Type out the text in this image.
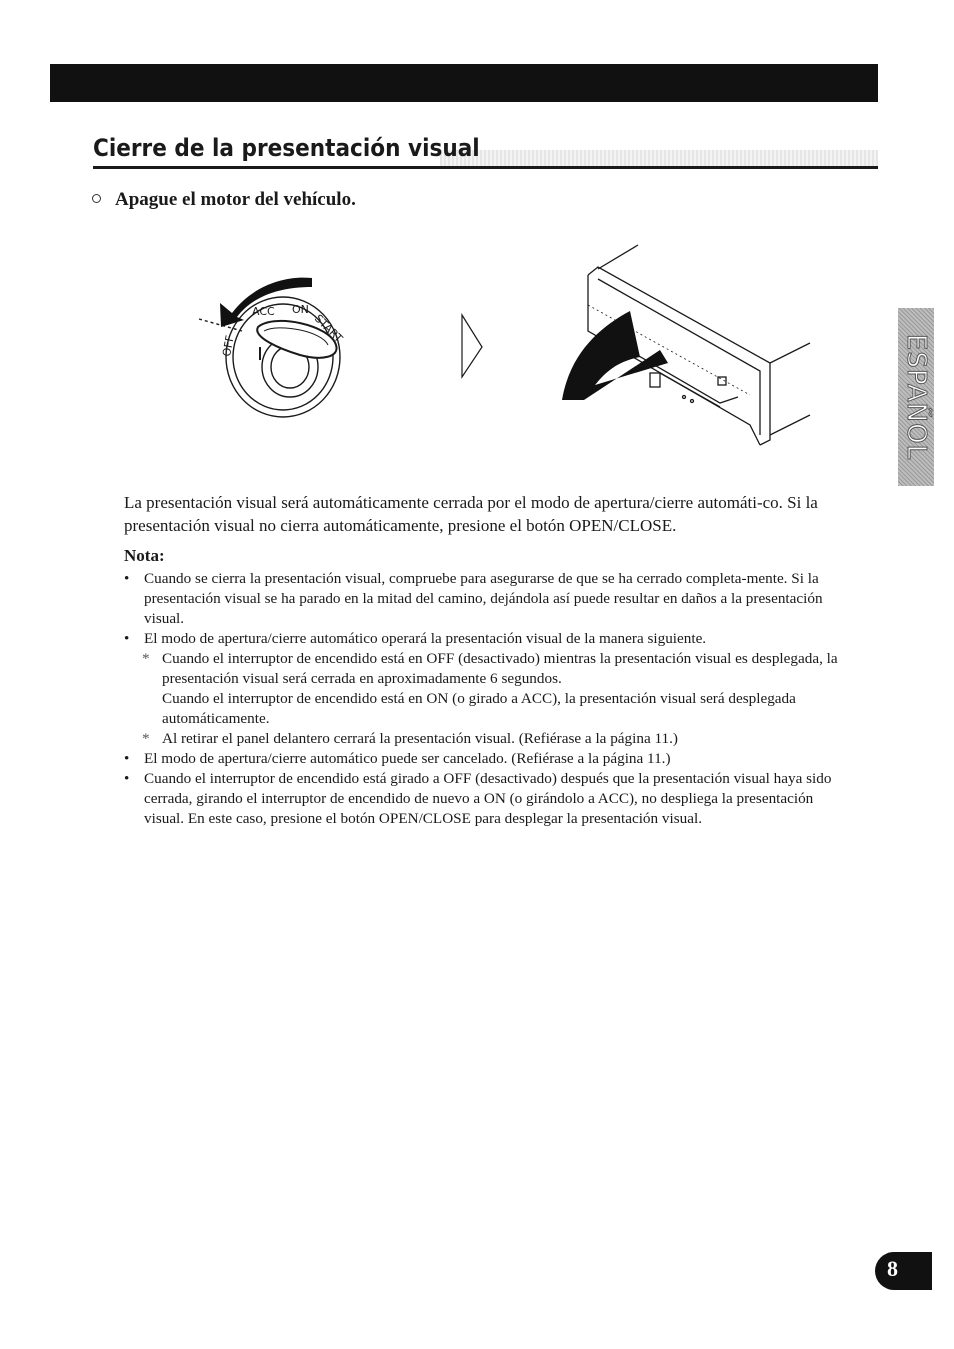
Cierre de la presentación visual
Apague el motor del vehículo.
OFF
ACC ON
START
ESPAÑOL

La presentación visual será automáticamente cerrada por el modo de apertura/cierre automáti-co. Si la presentación visual no cierra automáticamente, presione el botón OPEN/CLOSE.

Nota:
• Cuando se cierra la presentación visual, compruebe para asegurarse de que se ha cerrado completa-mente. Si la presentación visual se ha parado en la mitad del camino, dejándola así puede resultar en daños a la presentación visual.
• El modo de apertura/cierre automático operará la presentación visual de la manera siguiente.
* Cuando el interruptor de encendido está en OFF (desactivado) mientras la presentación visual es desplegada, la presentación visual será cerrada en aproximadamente 6 segundos.
Cuando el interruptor de encendido está en ON (o girado a ACC), la presentación visual será desplegada automáticamente.
* Al retirar el panel delantero cerrará la presentación visual. (Refiérase a la página 11.)
• El modo de apertura/cierre automático puede ser cancelado. (Refiérase a la página 11.)
• Cuando el interruptor de encendido está girado a OFF (desactivado) después que la presentación visual haya sido cerrada, girando el interruptor de encendido de nuevo a ON (o girándolo a ACC), no despliega la presentación visual. En este caso, presione el botón OPEN/CLOSE para desplegar la presentación visual.
8
